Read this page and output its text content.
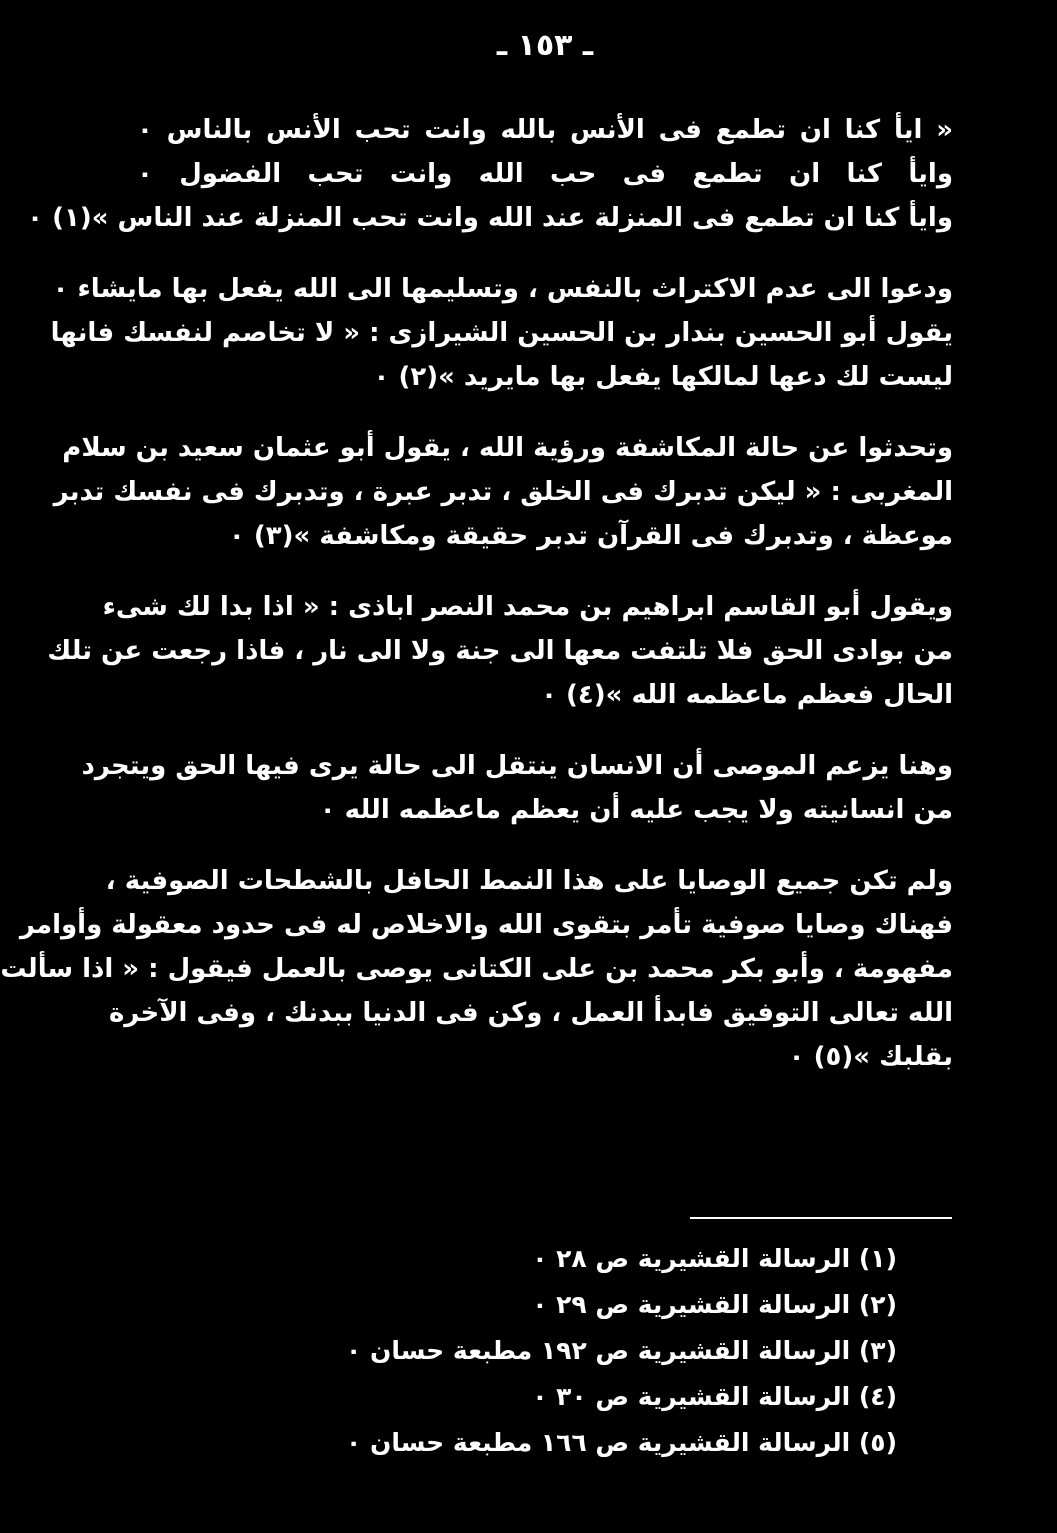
ـ ١٥٣ ـ
« ايأ كنا ان تطمع فى الأنس بالله وانت تحب الأنس بالناس ٠
وايأ كنا ان تطمع فى حب الله وانت تحب الفضول ٠
وايأ كنا ان تطمع فى المنزلة عند الله وانت تحب المنزلة عند الناس »(١) ٠
ودعوا الى عدم الاكتراث بالنفس ، وتسليمها الى الله يفعل بها مايشاء ٠
يقول أبو الحسين بندار بن الحسين الشيرازى : « لا تخاصم لنفسك فانها
ليست لك دعها لمالكها يفعل بها مايريد »(٢) ٠
وتحدثوا عن حالة المكاشفة ورؤية الله ، يقول أبو عثمان سعيد بن سلام
المغربى : « ليكن تدبرك فى الخلق ، تدبر عبرة ، وتدبرك فى نفسك تدبر
موعظة ، وتدبرك فى القرآن تدبر حقيقة ومكاشفة »(٣) ٠
ويقول أبو القاسم ابراهيم بن محمد النصر اباذى : « اذا بدا لك شىء
من بوادى الحق فلا تلتفت معها الى جنة ولا الى نار ، فاذا رجعت عن تلك
الحال فعظم ماعظمه الله »(٤) ٠
وهنا يزعم الموصى أن الانسان ينتقل الى حالة يرى فيها الحق ويتجرد
من انسانيته ولا يجب عليه أن يعظم ماعظمه الله ٠
ولم تكن جميع الوصايا على هذا النمط الحافل بالشطحات الصوفية ،
فهناك وصايا صوفية تأمر بتقوى الله والاخلاص له فى حدود معقولة وأوامر
مفهومة ، وأبو بكر محمد بن على الكتانى يوصى بالعمل فيقول : « اذا سألت
الله تعالى التوفيق فابدأ العمل ، وكن فى الدنيا ببدنك ، وفى الآخرة
بقلبك »(٥) ٠
(١) الرسالة القشيرية ص ٢٨ ٠
(٢) الرسالة القشيرية ص ٢٩ ٠
(٣) الرسالة القشيرية ص ١٩٢ مطبعة حسان ٠
(٤) الرسالة القشيرية ص ٣٠ ٠
(٥) الرسالة القشيرية ص ١٦٦ مطبعة حسان ٠
